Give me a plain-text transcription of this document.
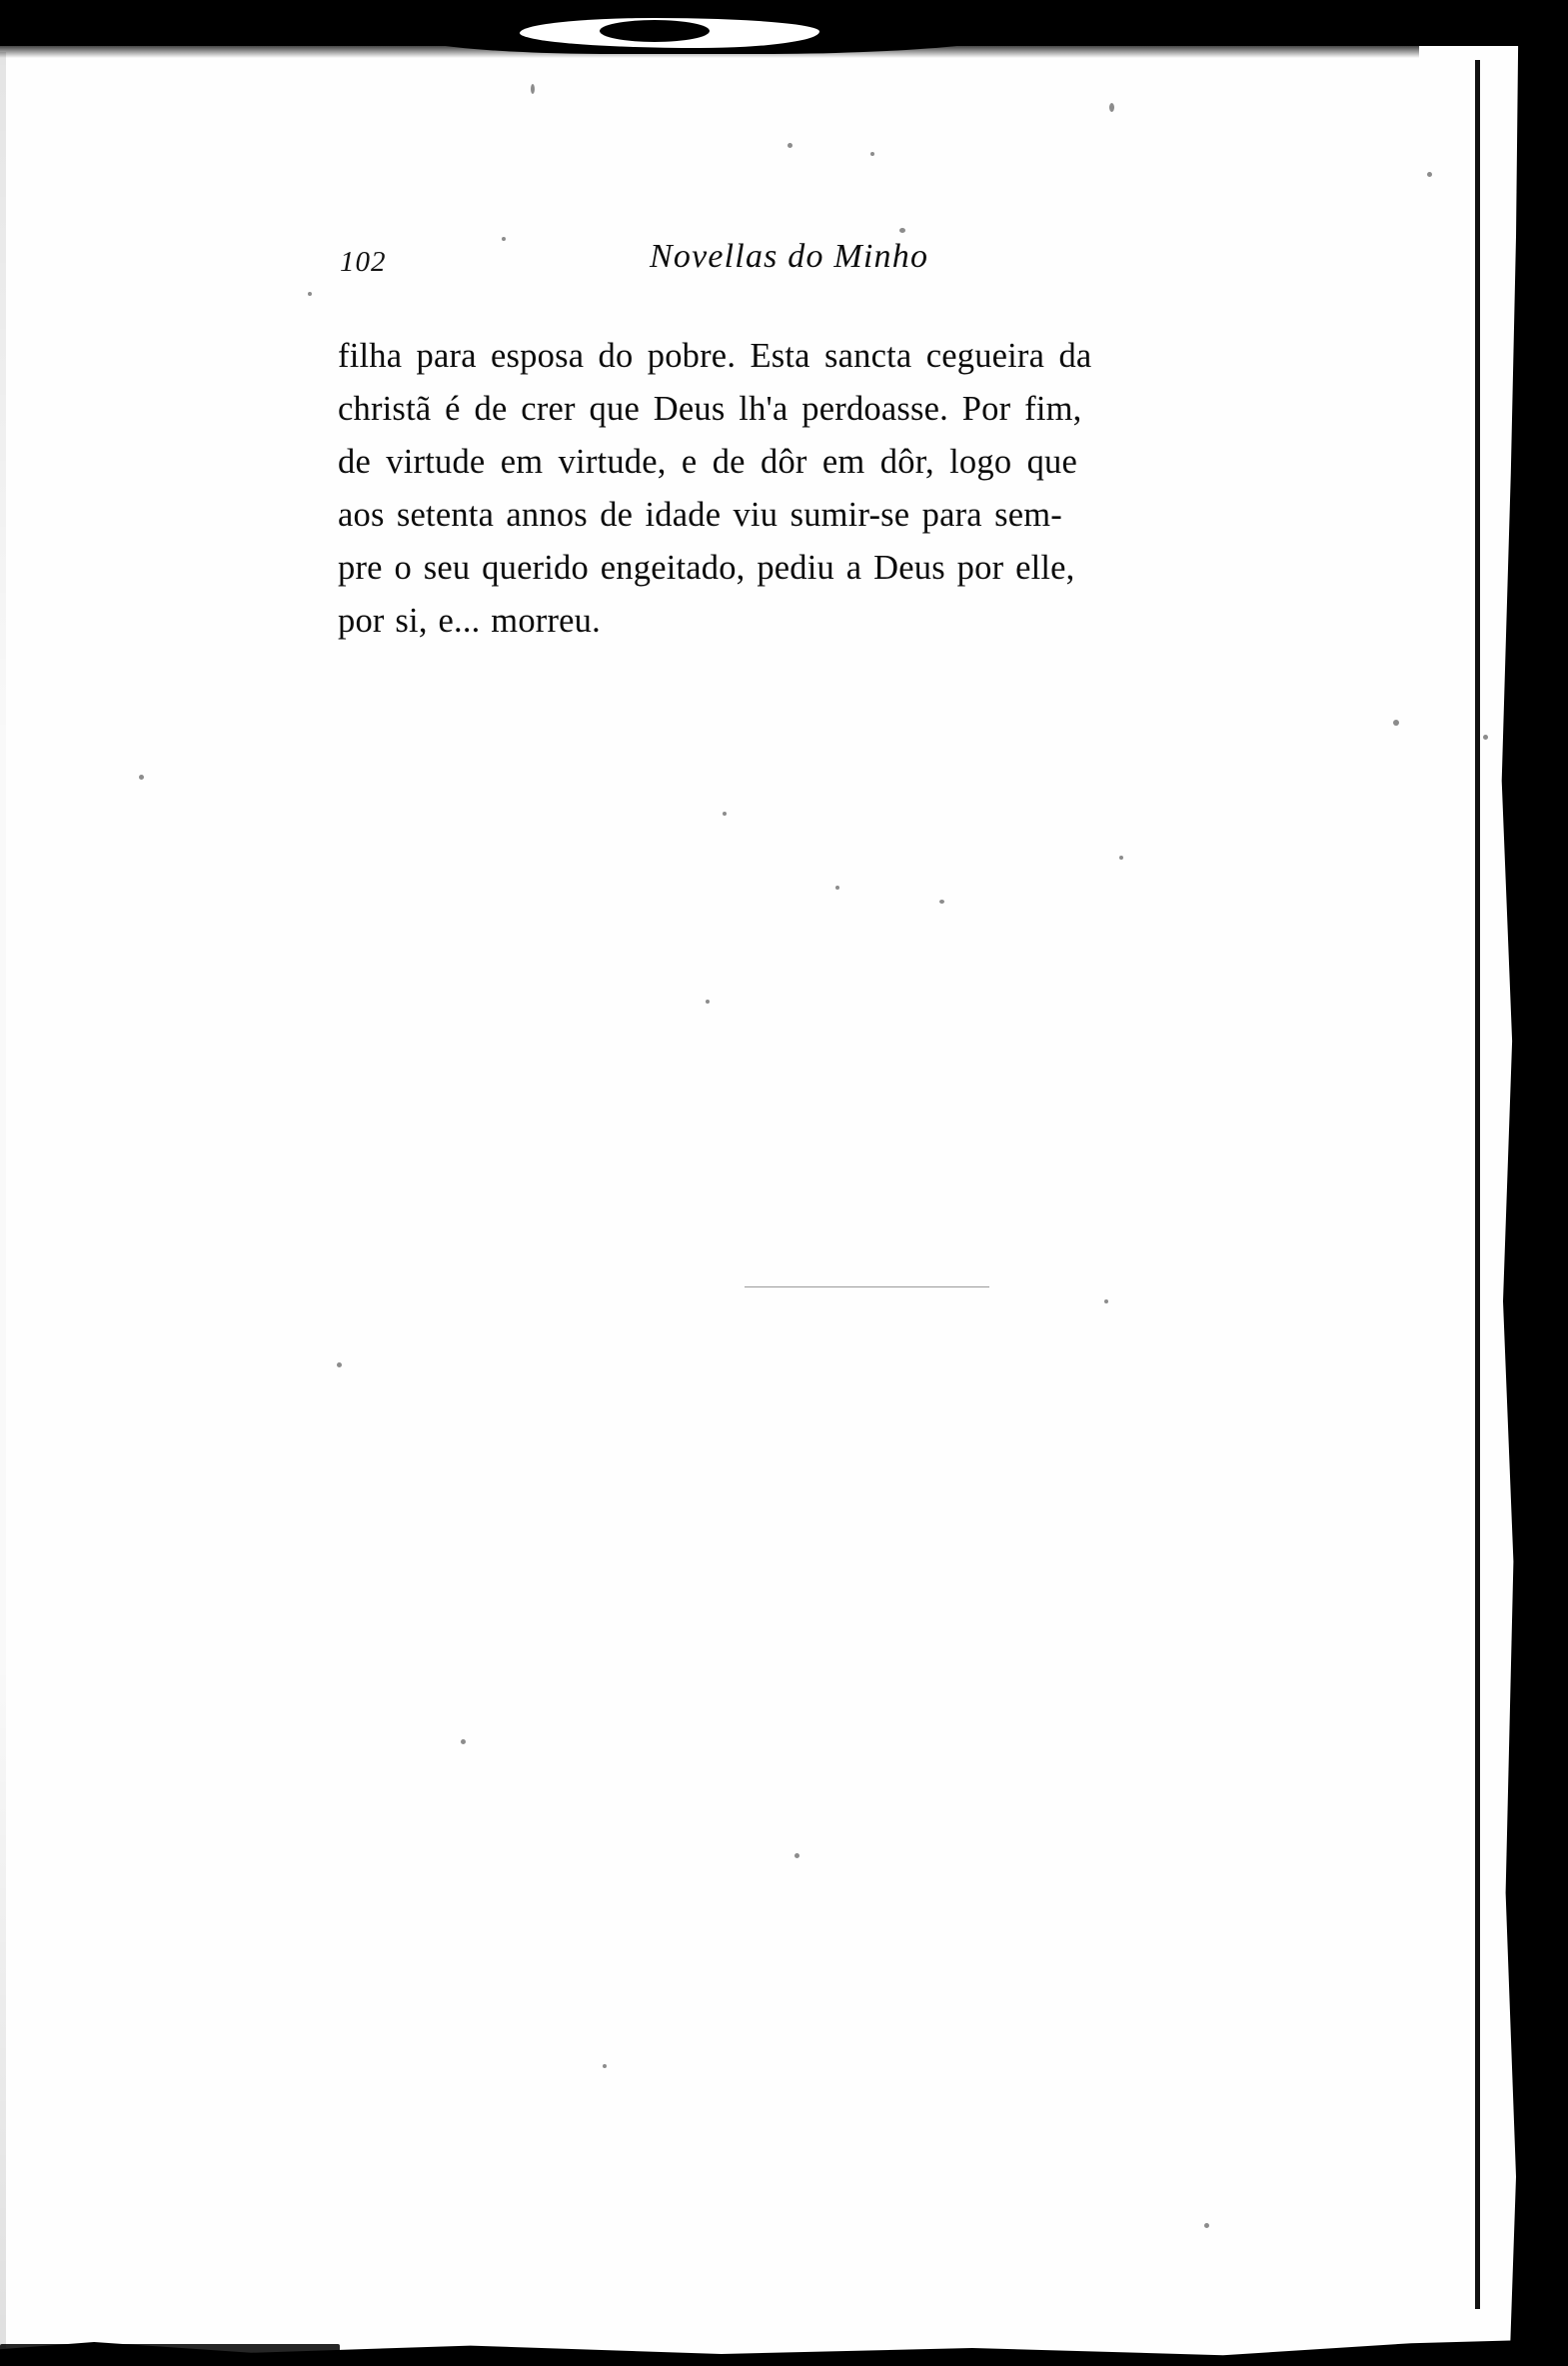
102	Novellas do Minho
filha para esposa do pobre. Esta sancta cegueira da
christã é de crer que Deus lh'a perdoasse. Por fim,
de virtude em virtude, e de dôr em dôr, logo que
aos setenta annos de idade viu sumir-se para sem-
pre o seu querido engeitado, pediu a Deus por elle,
por si, e... morreu.
